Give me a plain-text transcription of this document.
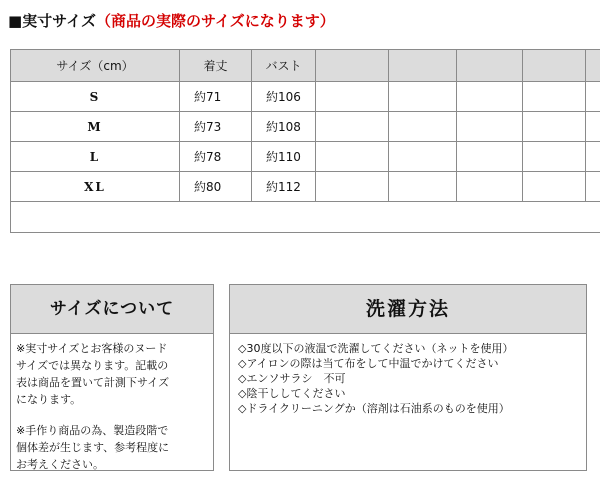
■実寸サイズ（商品の実際のサイズになります）
サイズ（cm）	着丈	バスト					
S	約71	約106					
M	約73	約108					
L	約78	約110					
XL	約80	約112					

サイズについて
※実寸サイズとお客様のヌード
サイズでは異なります。記載の
表は商品を置いて計測下サイズ
になります。
※手作り商品の為、製造段階で
個体差が生じます、参考程度に
お考えください。
洗濯方法
◇30度以下の液温で洗濯してください（ネットを使用）
◇アイロンの際は当て布をして中温でかけてください
◇エンソサラシ　不可
◇陰干ししてください
◇ドライクリーニングか（溶剤は石油系のものを使用）
